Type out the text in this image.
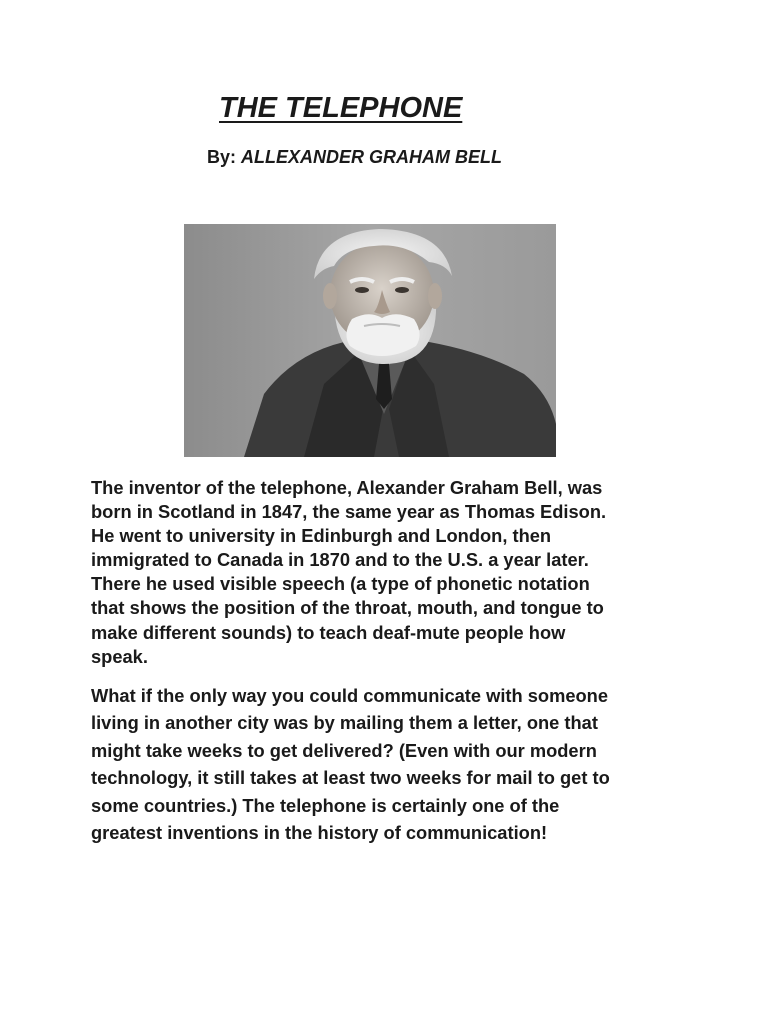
THE TELEPHONE
By: ALLEXANDER GRAHAM BELL

The inventor of the telephone, Alexander Graham Bell, was
born in Scotland in 1847, the same year as Thomas Edison.
He went to university in Edinburgh and London, then
immigrated to Canada in 1870 and to the U.S. a year later.
There he used visible speech (a type of phonetic notation
that shows the position of the throat, mouth, and tongue to
make different sounds) to teach deaf-mute people how
speak.

What if the only way you could communicate with someone
living in another city was by mailing them a letter, one that
might take weeks to get delivered? (Even with our modern
technology, it still takes at least two weeks for mail to get to
some countries.) The telephone is certainly one of the
greatest inventions in the history of communication!
